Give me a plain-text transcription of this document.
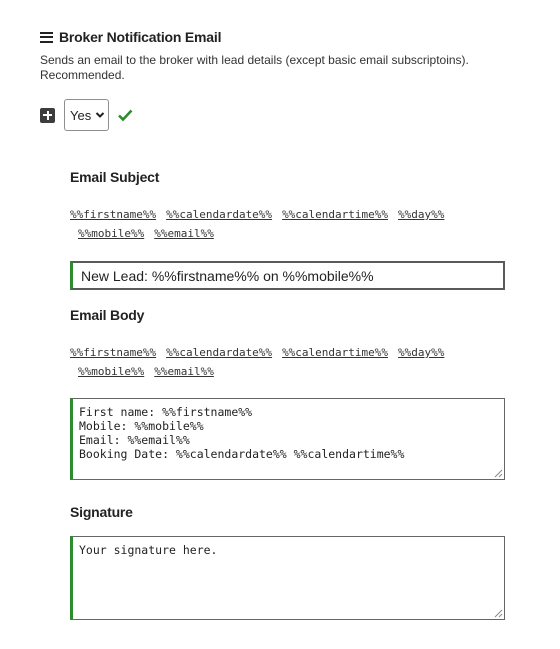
Broker Notification Email
Sends an email to the broker with lead details (except basic email subscriptoins). Recommended.
Yes
Email Subject
%%firstname%% %%calendardate%% %%calendartime%% %%day%%
%%mobile%% %%email%%
New Lead: %%firstname%% on %%mobile%%
Email Body
%%firstname%% %%calendardate%% %%calendartime%% %%day%%
%%mobile%% %%email%%
First name: %%firstname%% Mobile: %%mobile%% Email: %%email%% Booking Date: %%calendardate%% %%calendartime%%
Signature
Your signature here.
